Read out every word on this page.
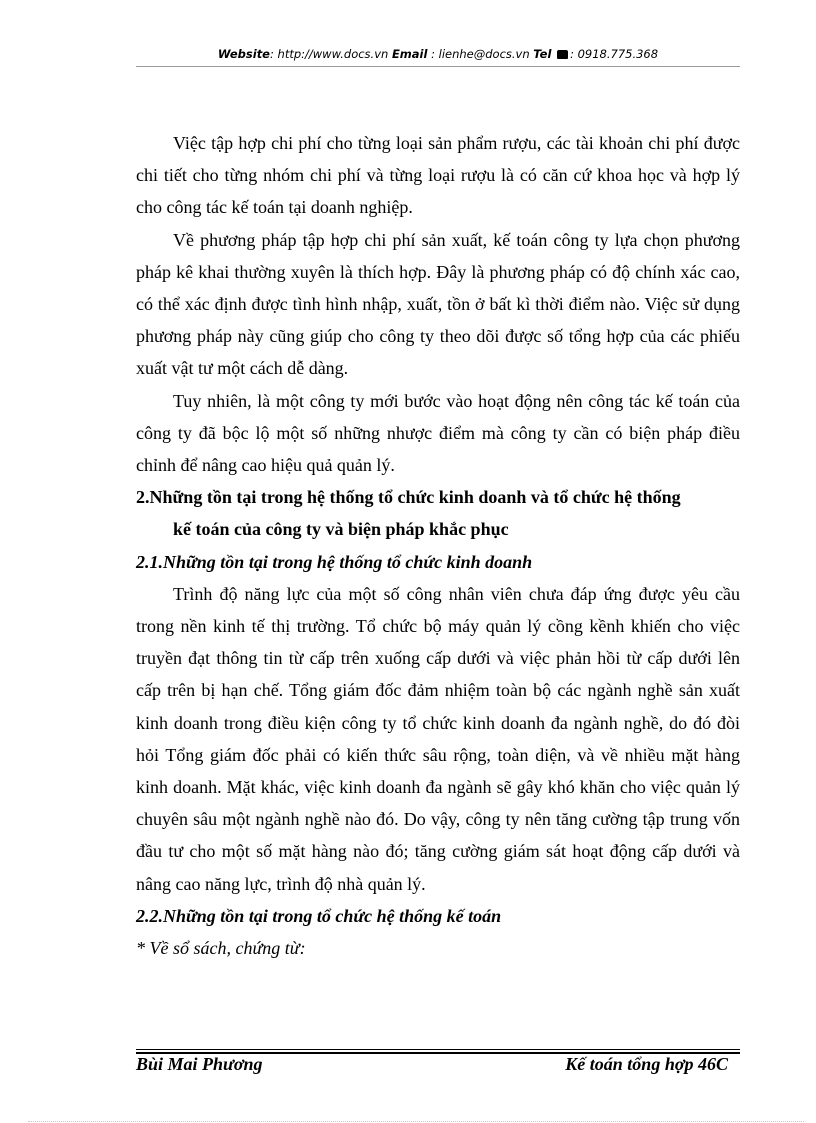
Website: http://www.docs.vn Email : lienhe@docs.vn Tel : 0918.775.368

Việc tập hợp chi phí cho từng loại sản phẩm rượu, các tài khoản chi phí được chi tiết cho từng nhóm chi phí và từng loại rượu là có căn cứ khoa học và hợp lý cho công tác kế toán tại doanh nghiệp.

Về phương pháp tập hợp chi phí sản xuất, kế toán công ty lựa chọn phương pháp kê khai thường xuyên là thích hợp. Đây là phương pháp có độ chính xác cao, có thể xác định được tình hình nhập, xuất, tồn ở bất kì thời điểm nào. Việc sử dụng phương pháp này cũng giúp cho công ty theo dõi được số tổng hợp của các phiếu xuất vật tư một cách dễ dàng.

Tuy nhiên, là một công ty mới bước vào hoạt động nên công tác kế toán của công ty đã bộc lộ một số những nhược điểm mà công ty cần có biện pháp điều chỉnh để nâng cao hiệu quả quản lý.

2.Những tồn tại trong hệ thống tổ chức kinh doanh và tổ chức hệ thống
kế toán của công ty và biện pháp khắc phục

2.1.Những tồn tại trong hệ thống tổ chức kinh doanh

Trình độ năng lực của một số công nhân viên chưa đáp ứng được yêu cầu trong nền kinh tế thị trường. Tổ chức bộ máy quản lý cồng kềnh khiến cho việc truyền đạt thông tin từ cấp trên xuống cấp dưới và việc phản hồi từ cấp dưới lên cấp trên bị hạn chế. Tổng giám đốc đảm nhiệm toàn bộ các ngành nghề sản xuất kinh doanh trong điều kiện công ty tổ chức kinh doanh đa ngành nghề, do đó đòi hỏi Tổng giám đốc phải có kiến thức sâu rộng, toàn diện, và về nhiều mặt hàng kinh doanh. Mặt khác, việc kinh doanh đa ngành sẽ gây khó khăn cho việc quản lý chuyên sâu một ngành nghề nào đó. Do vậy, công ty nên tăng cường tập trung vốn đầu tư cho một số mặt hàng nào đó; tăng cường giám sát hoạt động cấp dưới và nâng cao năng lực, trình độ nhà quản lý.

2.2.Những tồn tại trong tổ chức hệ thống kế toán

* Về sổ sách, chứng từ:

Bùi Mai Phương	Kế toán tổng hợp 46C
